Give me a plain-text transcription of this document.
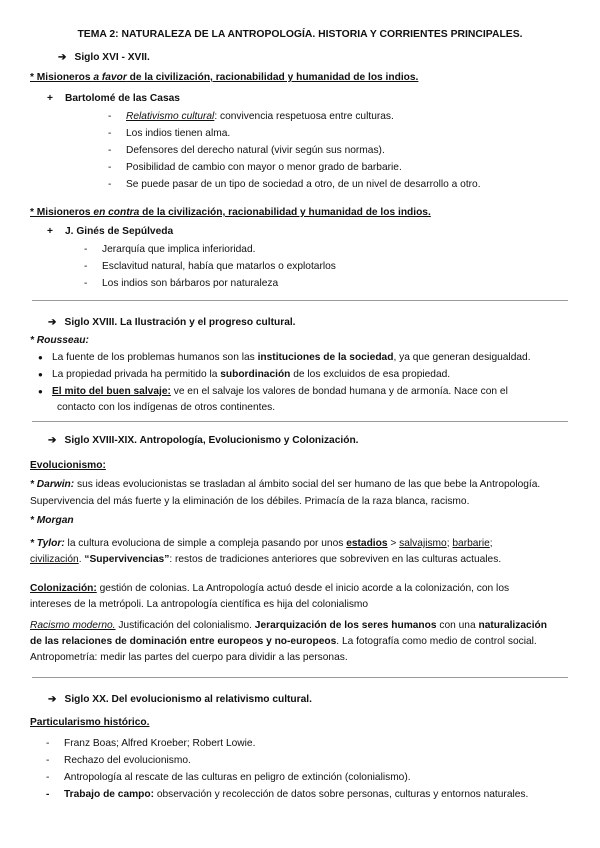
TEMA 2: NATURALEZA DE LA ANTROPOLOGÍA. HISTORIA Y CORRIENTES PRINCIPALES.
➔ Siglo XVI - XVII.
* Misioneros a favor de la civilización, racionabilidad y humanidad de los indios.
+ Bartolomé de las Casas
- Relativismo cultural: convivencia respetuosa entre culturas.
- Los indios tienen alma.
- Defensores del derecho natural (vivir según sus normas).
- Posibilidad de cambio con mayor o menor grado de barbarie.
- Se puede pasar de un tipo de sociedad a otro, de un nivel de desarrollo a otro.
* Misioneros en contra de la civilización, racionabilidad y humanidad de los indios.
+ J. Ginés de Sepúlveda
- Jerarquía que implica inferioridad.
- Esclavitud natural, había que matarlos o explotarlos
- Los indios son bárbaros por naturaleza
➔ Siglo XVIII. La Ilustración y el progreso cultural.
* Rousseau:
● La fuente de los problemas humanos son las instituciones de la sociedad, ya que generan desigualdad.
● La propiedad privada ha permitido la subordinación de los excluidos de esa propiedad.
● El mito del buen salvaje: ve en el salvaje los valores de bondad humana y de armonía. Nace con el
contacto con los indígenas de otros continentes.
➔ Siglo XVIII-XIX. Antropología, Evolucionismo y Colonización.
Evolucionismo:
* Darwin: sus ideas evolucionistas se trasladan al ámbito social del ser humano de las que bebe la Antropología.
Supervivencia del más fuerte y la eliminación de los débiles. Primacía de la raza blanca, racismo.
* Morgan
* Tylor: la cultura evoluciona de simple a compleja pasando por unos estadios > salvajismo; barbarie;
civilización. “Supervivencias”: restos de tradiciones anteriores que sobreviven en las culturas actuales.
Colonización: gestión de colonias. La Antropología actuó desde el inicio acorde a la colonización, con los
intereses de la metrópoli. La antropología científica es hija del colonialismo
Racismo moderno. Justificación del colonialismo. Jerarquización de los seres humanos con una naturalización
de las relaciones de dominación entre europeos y no-europeos. La fotografía como medio de control social.
Antropometría: medir las partes del cuerpo para dividir a las personas.
➔ Siglo XX. Del evolucionismo al relativismo cultural.
Particularismo histórico.
- Franz Boas; Alfred Kroeber; Robert Lowie.
- Rechazo del evolucionismo.
- Antropología al rescate de las culturas en peligro de extinción (colonialismo).
- Trabajo de campo: observación y recolección de datos sobre personas, culturas y entornos naturales.
